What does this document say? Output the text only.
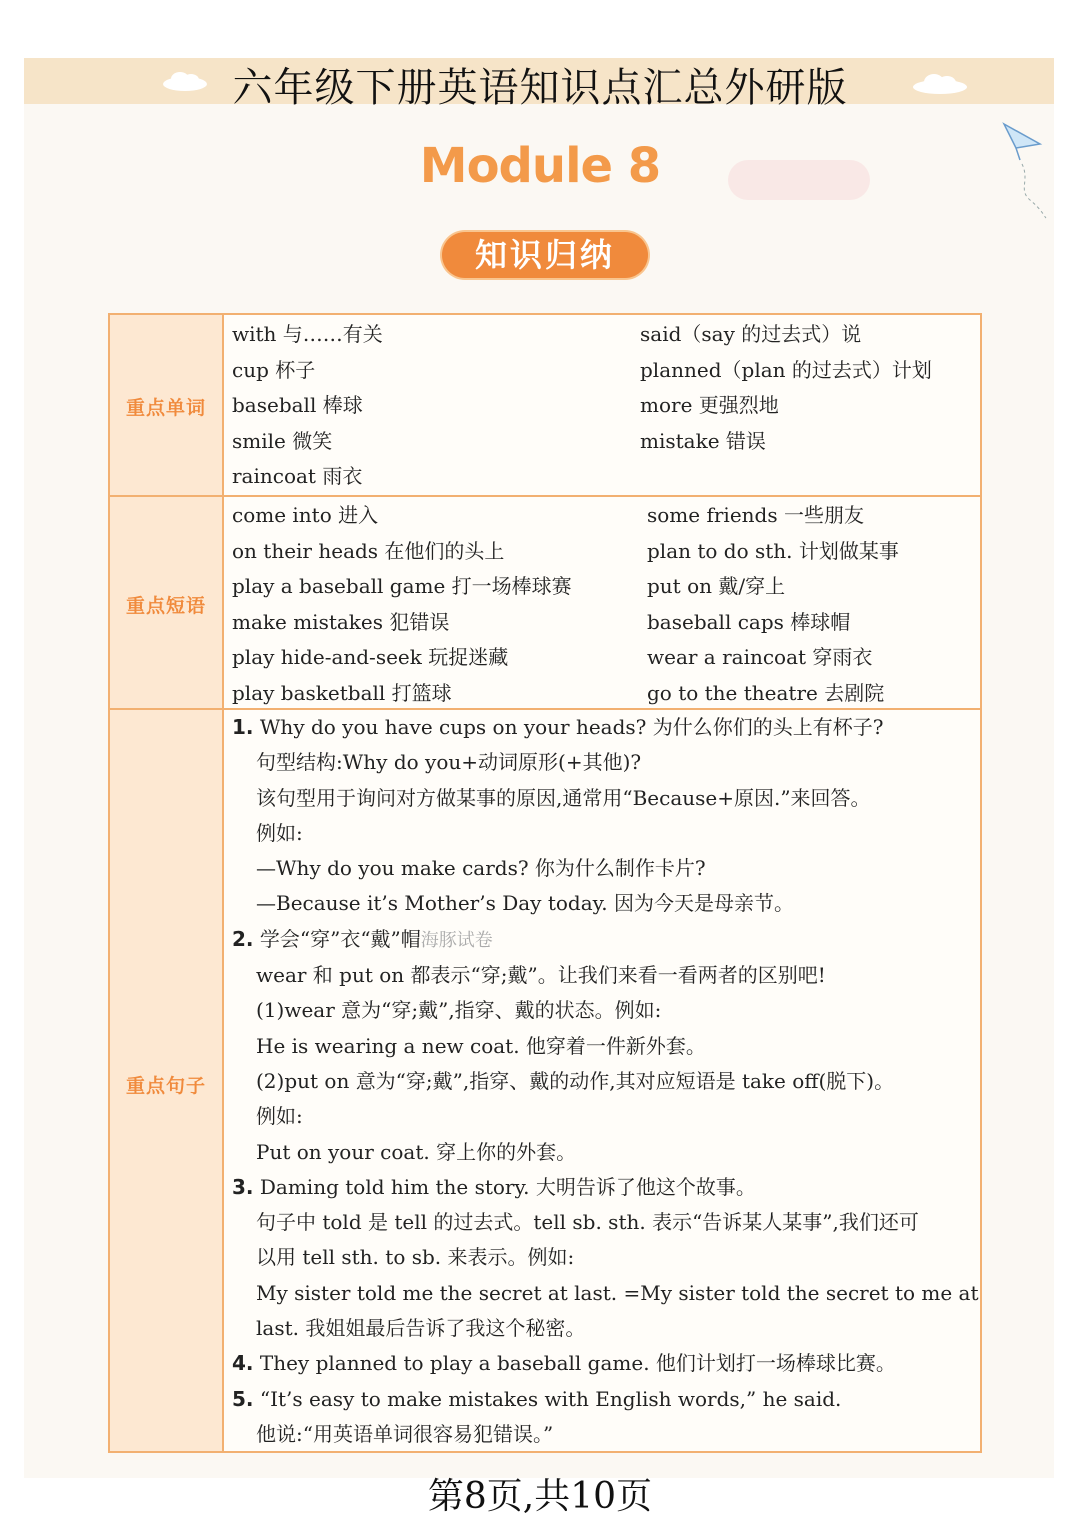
六年级下册英语知识点汇总外研版
Module 8
知识归纳
重点单词
重点短语
重点句子
with 与……有关
cup 杯子
baseball 棒球
smile 微笑
raincoat 雨衣
said（say 的过去式）说
planned（plan 的过去式）计划
more 更强烈地
mistake 错误
come into 进入
on their heads 在他们的头上
play a baseball game 打一场棒球赛
make mistakes 犯错误
play hide-and-seek 玩捉迷藏
play basketball 打篮球
some friends 一些朋友
plan to do sth. 计划做某事
put on 戴/穿上
baseball caps 棒球帽
wear a raincoat 穿雨衣
go to the theatre 去剧院
1. Why do you have cups on your heads? 为什么你们的头上有杯子?
句型结构:Why do you+动词原形(+其他)?
该句型用于询问对方做某事的原因,通常用“Because+原因.”来回答。
例如:
—Why do you make cards? 你为什么制作卡片?
—Because it’s Mother’s Day today. 因为今天是母亲节。
2. 学会“穿”衣“戴”帽海豚试卷
wear 和 put on 都表示“穿;戴”。让我们来看一看两者的区别吧!
(1)wear 意为“穿;戴”,指穿、戴的状态。例如:
He is wearing a new coat. 他穿着一件新外套。
(2)put on 意为“穿;戴”,指穿、戴的动作,其对应短语是 take off(脱下)。
例如:
Put on your coat. 穿上你的外套。
3. Daming told him the story. 大明告诉了他这个故事。
句子中 told 是 tell 的过去式。tell sb. sth. 表示“告诉某人某事”,我们还可
以用 tell sth. to sb. 来表示。例如:
My sister told me the secret at last. =My sister told the secret to me at
last. 我姐姐最后告诉了我这个秘密。
4. They planned to play a baseball game. 他们计划打一场棒球比赛。
5. “It’s easy to make mistakes with English words,” he said.
他说:“用英语单词很容易犯错误。”
第8页,共10页
